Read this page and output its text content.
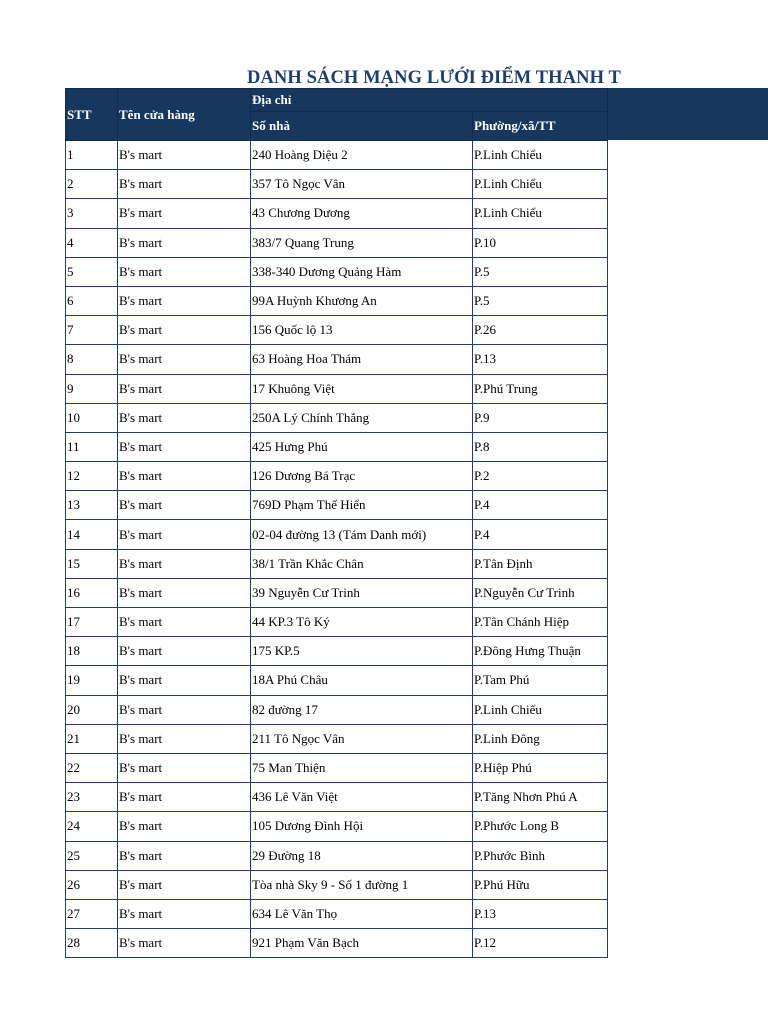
DANH SÁCH MẠNG LƯỚI ĐIỂM THANH T
STT	Tên cửa hàng	Địa chỉ	
		Số nhà	Phường/xã/TT
1	B's mart	240 Hoàng Diệu 2	P.Linh Chiểu
2	B's mart	357 Tô Ngọc Vân	P.Linh Chiểu
3	B's mart	43 Chương Dương	P.Linh Chiểu
4	B's mart	383/7 Quang Trung	P.10
5	B's mart	338-340 Dương Quảng Hàm	P.5
6	B's mart	99A Huỳnh Khương An	P.5
7	B's mart	156 Quốc lộ 13	P.26
8	B's mart	63 Hoàng Hoa Thám	P.13
9	B's mart	17 Khuông Việt	P.Phú Trung
10	B's mart	250A Lý Chính Thắng	P.9
11	B's mart	425 Hưng Phú	P.8
12	B's mart	126 Dương Bá Trạc	P.2
13	B's mart	769D Phạm Thế Hiển	P.4
14	B's mart	02-04 đường 13 (Tám Danh mới)	P.4
15	B's mart	38/1 Trần Khắc Chân	P.Tân Định
16	B's mart	39 Nguyễn Cư Trinh	P.Nguyễn Cư Trinh
17	B's mart	44 KP.3 Tô Ký	P.Tân Chánh Hiệp
18	B's mart	175 KP.5	P.Đông Hưng Thuận
19	B's mart	18A Phú Châu	P.Tam Phú
20	B's mart	82 đường 17	P.Linh Chiểu
21	B's mart	211 Tô Ngọc Vân	P.Linh Đông
22	B's mart	75 Man Thiện	P.Hiệp Phú
23	B's mart	436 Lê Văn Việt	P.Tăng Nhơn Phú A
24	B's mart	105 Dương Đình Hội	P.Phước Long B
25	B's mart	29 Đường 18	P.Phước Bình
26	B's mart	Tòa nhà Sky 9 - Số 1 đường 1	P.Phú Hữu
27	B's mart	634 Lê Văn Thọ	P.13
28	B's mart	921 Phạm Văn Bạch	P.12
